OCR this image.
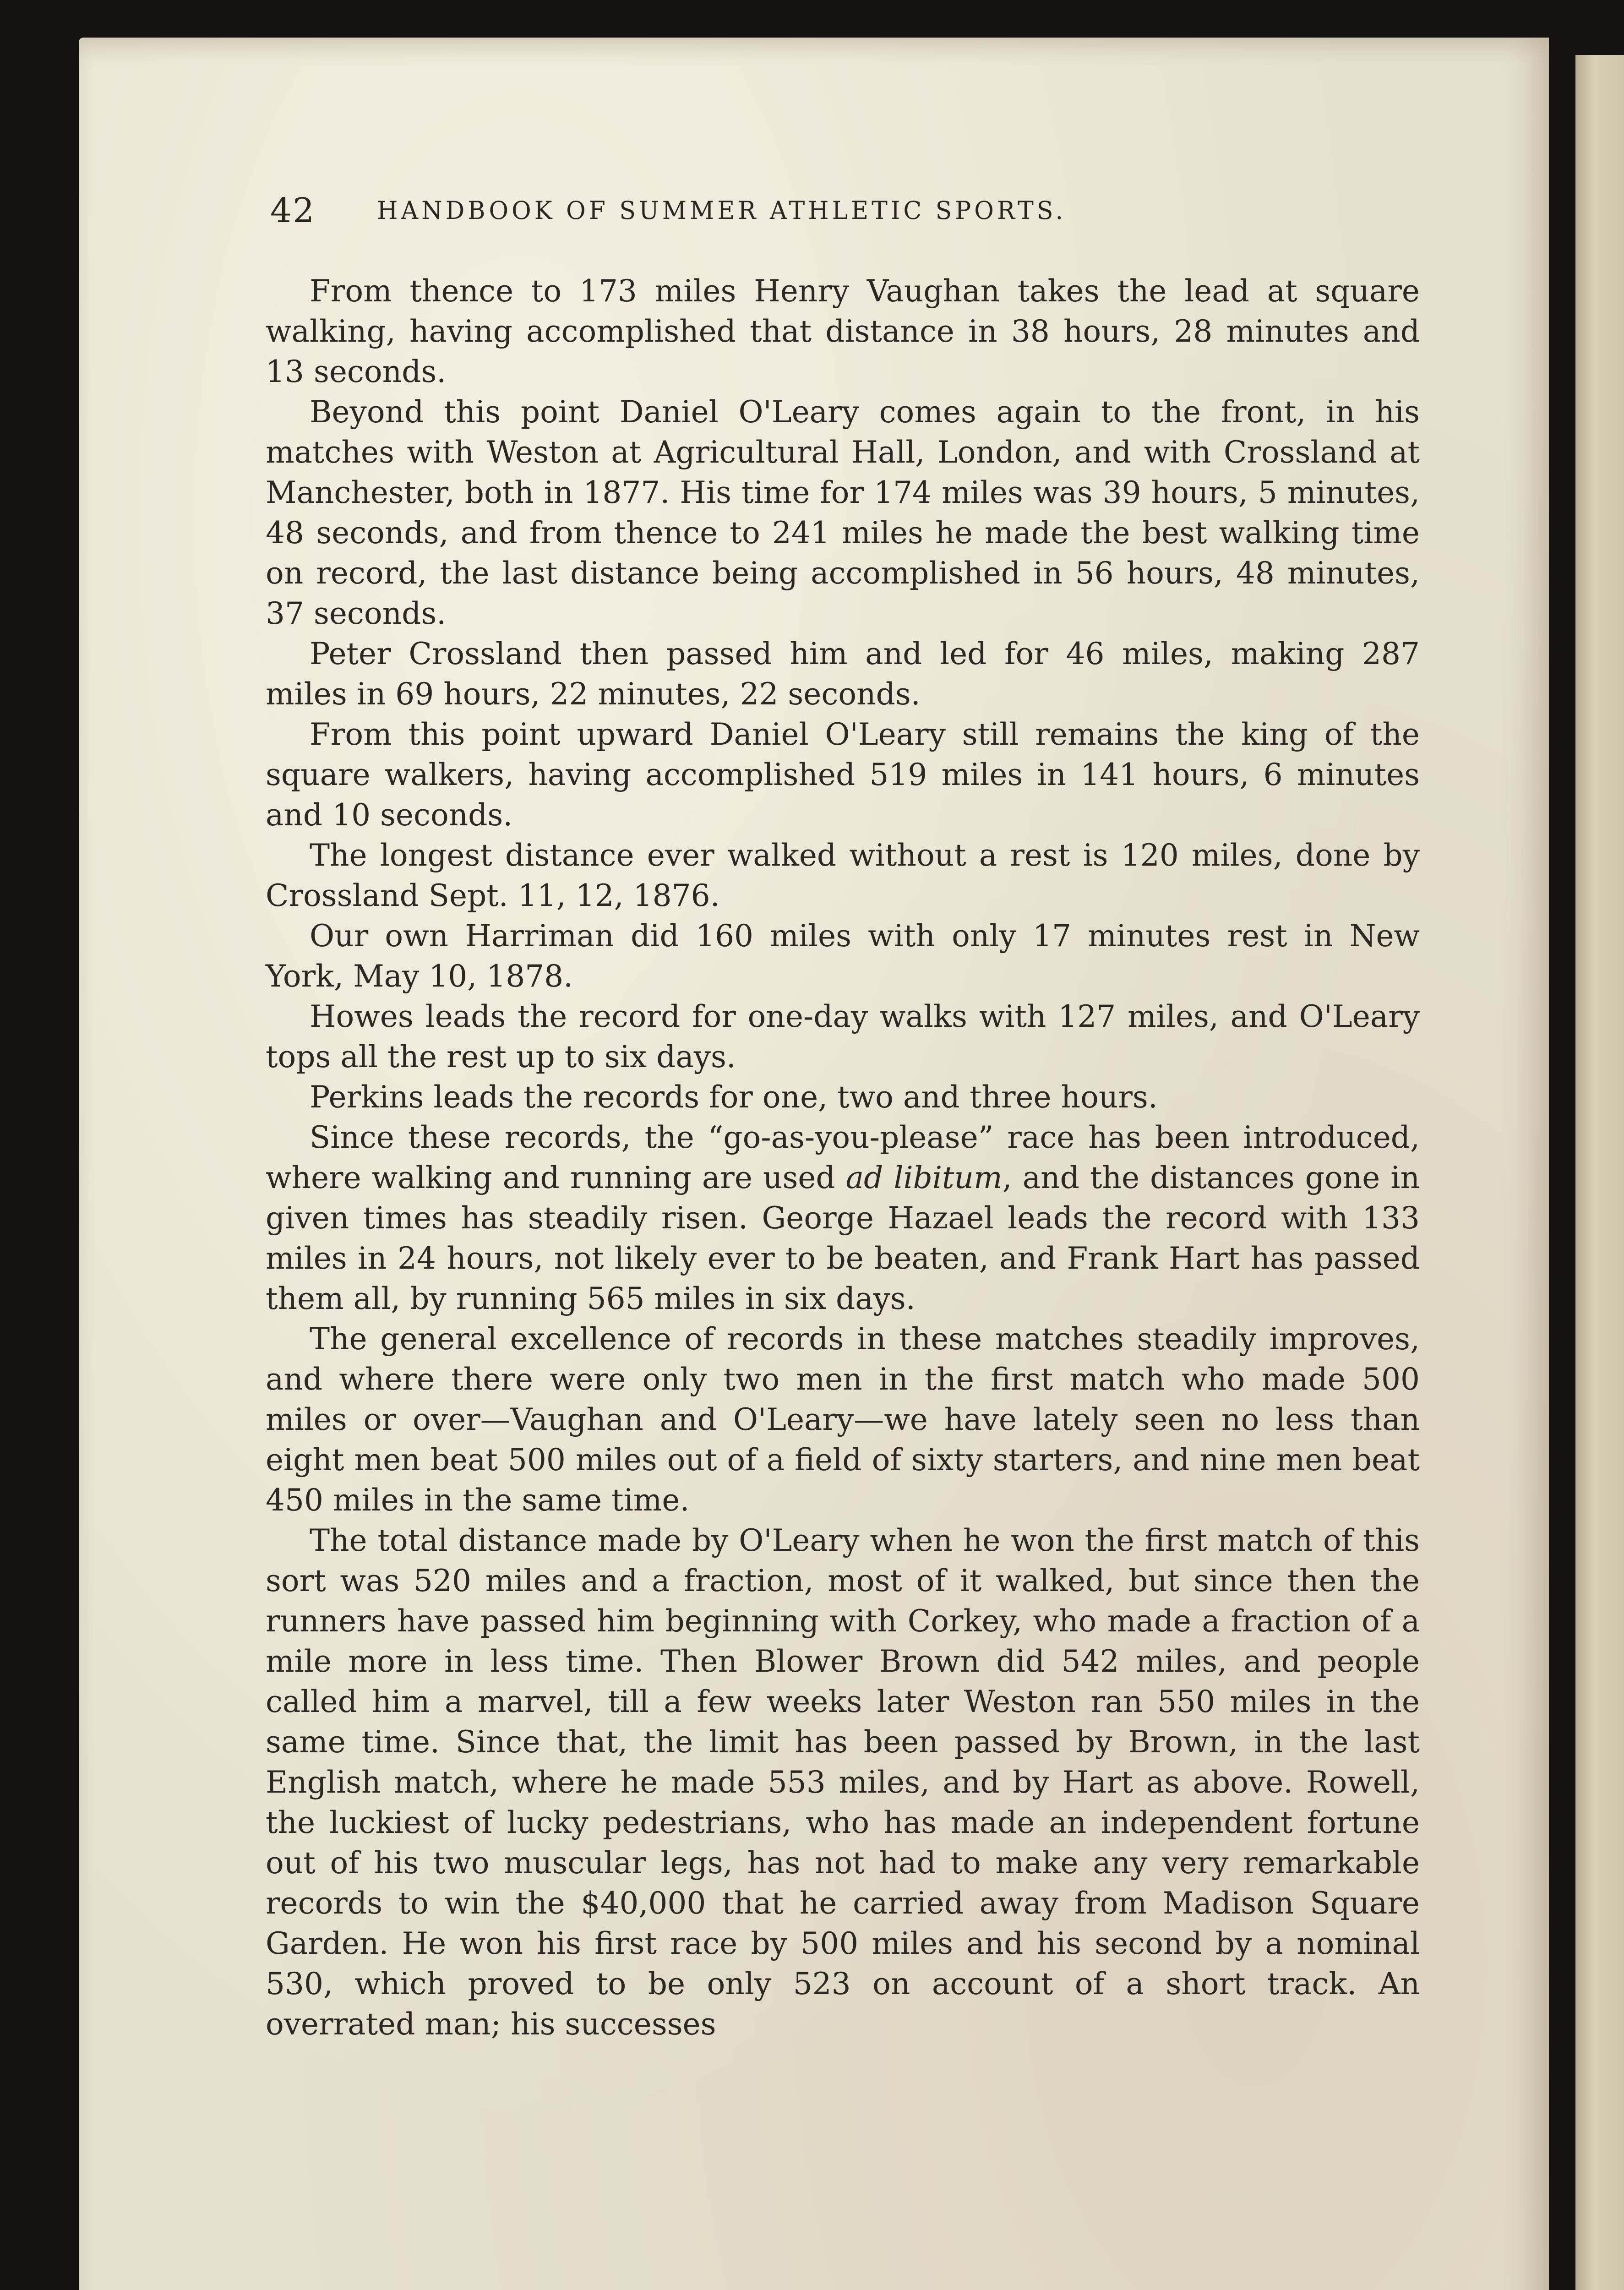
42	HANDBOOK OF SUMMER ATHLETIC SPORTS.

From thence to 173 miles Henry Vaughan takes the lead at square walking, having accomplished that distance in 38 hours, 28 minutes and 13 seconds.

Beyond this point Daniel O'Leary comes again to the front, in his matches with Weston at Agricultural Hall, London, and with Crossland at Manchester, both in 1877. His time for 174 miles was 39 hours, 5 minutes, 48 seconds, and from thence to 241 miles he made the best walking time on record, the last distance being accomplished in 56 hours, 48 minutes, 37 seconds.

Peter Crossland then passed him and led for 46 miles, making 287 miles in 69 hours, 22 minutes, 22 seconds.

From this point upward Daniel O'Leary still remains the king of the square walkers, having accomplished 519 miles in 141 hours, 6 minutes and 10 seconds.

The longest distance ever walked without a rest is 120 miles, done by Crossland Sept. 11, 12, 1876.

Our own Harriman did 160 miles with only 17 minutes rest in New York, May 10, 1878.

Howes leads the record for one-day walks with 127 miles, and O'Leary tops all the rest up to six days.

Perkins leads the records for one, two and three hours.

Since these records, the “go-as-you-please” race has been introduced, where walking and running are used ad libitum, and the distances gone in given times has steadily risen. George Hazael leads the record with 133 miles in 24 hours, not likely ever to be beaten, and Frank Hart has passed them all, by running 565 miles in six days.

The general excellence of records in these matches steadily improves, and where there were only two men in the first match who made 500 miles or over—Vaughan and O'Leary—we have lately seen no less than eight men beat 500 miles out of a field of sixty starters, and nine men beat 450 miles in the same time.

The total distance made by O'Leary when he won the first match of this sort was 520 miles and a fraction, most of it walked, but since then the runners have passed him beginning with Corkey, who made a fraction of a mile more in less time. Then Blower Brown did 542 miles, and people called him a marvel, till a few weeks later Weston ran 550 miles in the same time. Since that, the limit has been passed by Brown, in the last English match, where he made 553 miles, and by Hart as above. Rowell, the luckiest of lucky pedestrians, who has made an independent fortune out of his two muscular legs, has not had to make any very remarkable records to win the $40,000 that he carried away from Madison Square Garden. He won his first race by 500 miles and his second by a nominal 530, which proved to be only 523 on account of a short track. An overrated man; his successes
